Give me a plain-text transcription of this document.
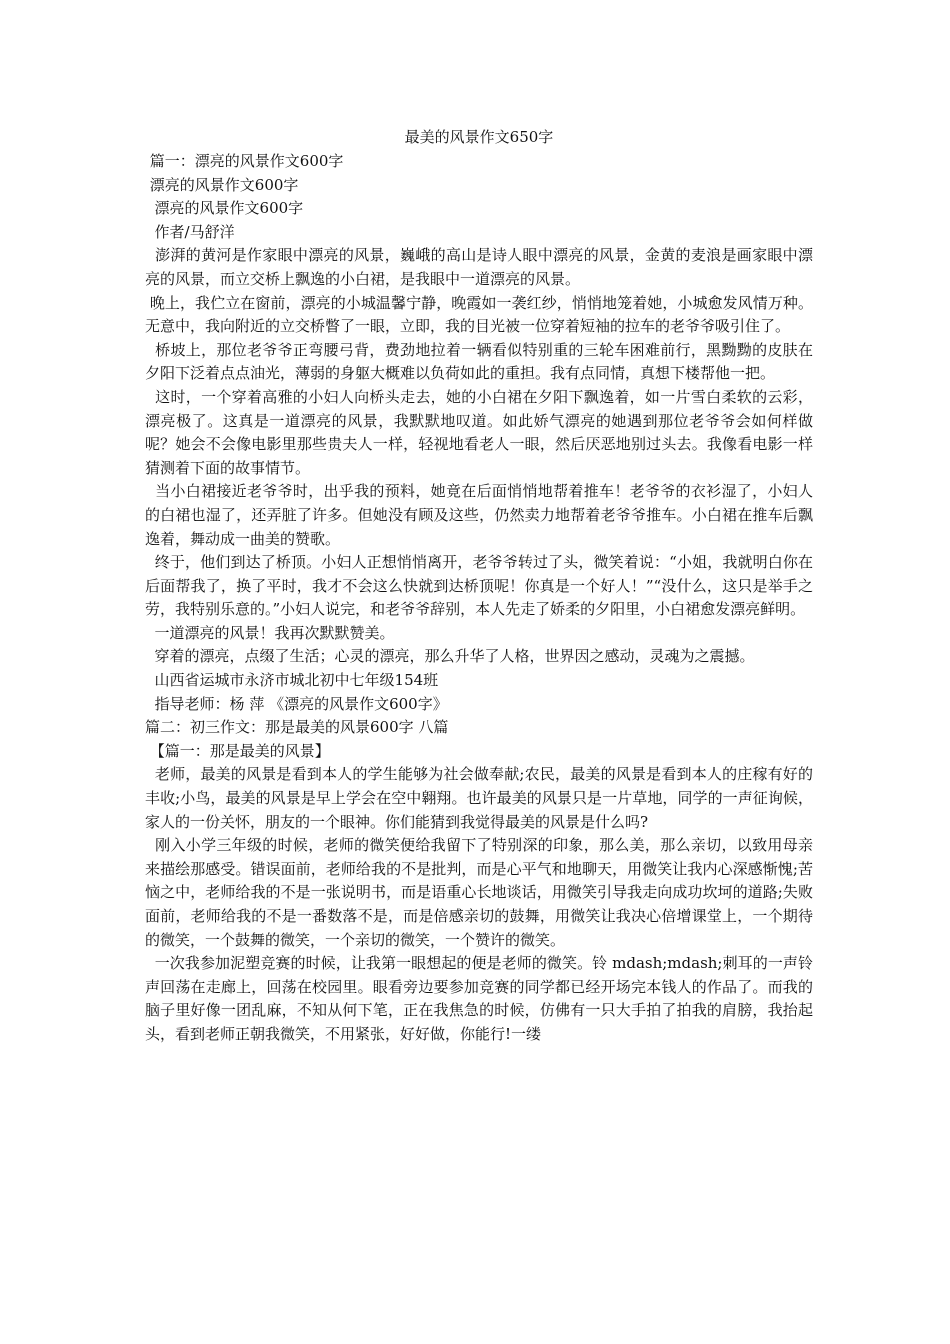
最美的风景作文650字
篇一：漂亮的风景作文600字
漂亮的风景作文600字
漂亮的风景作文600字
作者/马舒洋
澎湃的黄河是作家眼中漂亮的风景，巍峨的高山是诗人眼中漂亮的风景，金黄的麦浪是画家眼中漂亮的风景，而立交桥上飘逸的小白裙，是我眼中一道漂亮的风景。
晚上，我伫立在窗前，漂亮的小城温馨宁静，晚霞如一袭红纱，悄悄地笼着她，小城愈发风情万种。无意中，我向附近的立交桥瞥了一眼，立即，我的目光被一位穿着短袖的拉车的老爷爷吸引住了。
桥坡上，那位老爷爷正弯腰弓背，费劲地拉着一辆看似特别重的三轮车困难前行，黑黝黝的皮肤在夕阳下泛着点点油光，薄弱的身躯大概难以负荷如此的重担。我有点同情，真想下楼帮他一把。
这时，一个穿着高雅的小妇人向桥头走去，她的小白裙在夕阳下飘逸着，如一片雪白柔软的云彩，漂亮极了。这真是一道漂亮的风景，我默默地叹道。如此娇气漂亮的她遇到那位老爷爷会如何样做呢？她会不会像电影里那些贵夫人一样，轻视地看老人一眼，然后厌恶地别过头去。我像看电影一样猜测着下面的故事情节。
当小白裙接近老爷爷时，出乎我的预料，她竟在后面悄悄地帮着推车！老爷爷的衣衫湿了，小妇人的白裙也湿了，还弄脏了许多。但她没有顾及这些，仍然卖力地帮着老爷爷推车。小白裙在推车后飘逸着，舞动成一曲美的赞歌。
终于，他们到达了桥顶。小妇人正想悄悄离开，老爷爷转过了头，微笑着说：“小姐，我就明白你在后面帮我了，换了平时，我才不会这么快就到达桥顶呢！你真是一个好人！”“没什么，这只是举手之劳，我特别乐意的。”小妇人说完，和老爷爷辞别，本人先走了娇柔的夕阳里，小白裙愈发漂亮鲜明。
一道漂亮的风景！我再次默默赞美。
穿着的漂亮，点缀了生活；心灵的漂亮，那么升华了人格，世界因之感动，灵魂为之震撼。
山西省运城市永济市城北初中七年级154班
指导老师：杨 萍 《漂亮的风景作文600字》
篇二：初三作文：那是最美的风景600字 八篇
【篇一：那是最美的风景】
老师，最美的风景是看到本人的学生能够为社会做奉献;农民，最美的风景是看到本人的庄稼有好的丰收;小鸟，最美的风景是早上学会在空中翱翔。也许最美的风景只是一片草地，同学的一声征询候，家人的一份关怀，朋友的一个眼神。你们能猜到我觉得最美的风景是什么吗?
刚入小学三年级的时候，老师的微笑便给我留下了特别深的印象，那么美，那么亲切，以致用母亲来描绘那感受。错误面前，老师给我的不是批判，而是心平气和地聊天，用微笑让我内心深感惭愧;苦恼之中，老师给我的不是一张说明书，而是语重心长地谈话，用微笑引导我走向成功坎坷的道路;失败面前，老师给我的不是一番数落不是，而是倍感亲切的鼓舞，用微笑让我决心倍增课堂上，一个期待的微笑，一个鼓舞的微笑，一个亲切的微笑，一个赞许的微笑。
一次我参加泥塑竞赛的时候，让我第一眼想起的便是老师的微笑。铃 mdash;mdash;刺耳的一声铃声回荡在走廊上，回荡在校园里。眼看旁边要参加竞赛的同学都已经开场完本钱人的作品了。而我的脑子里好像一团乱麻，不知从何下笔，正在我焦急的时候，仿佛有一只大手拍了拍我的肩膀，我抬起头，看到老师正朝我微笑，不用紧张，好好做，你能行!一缕
